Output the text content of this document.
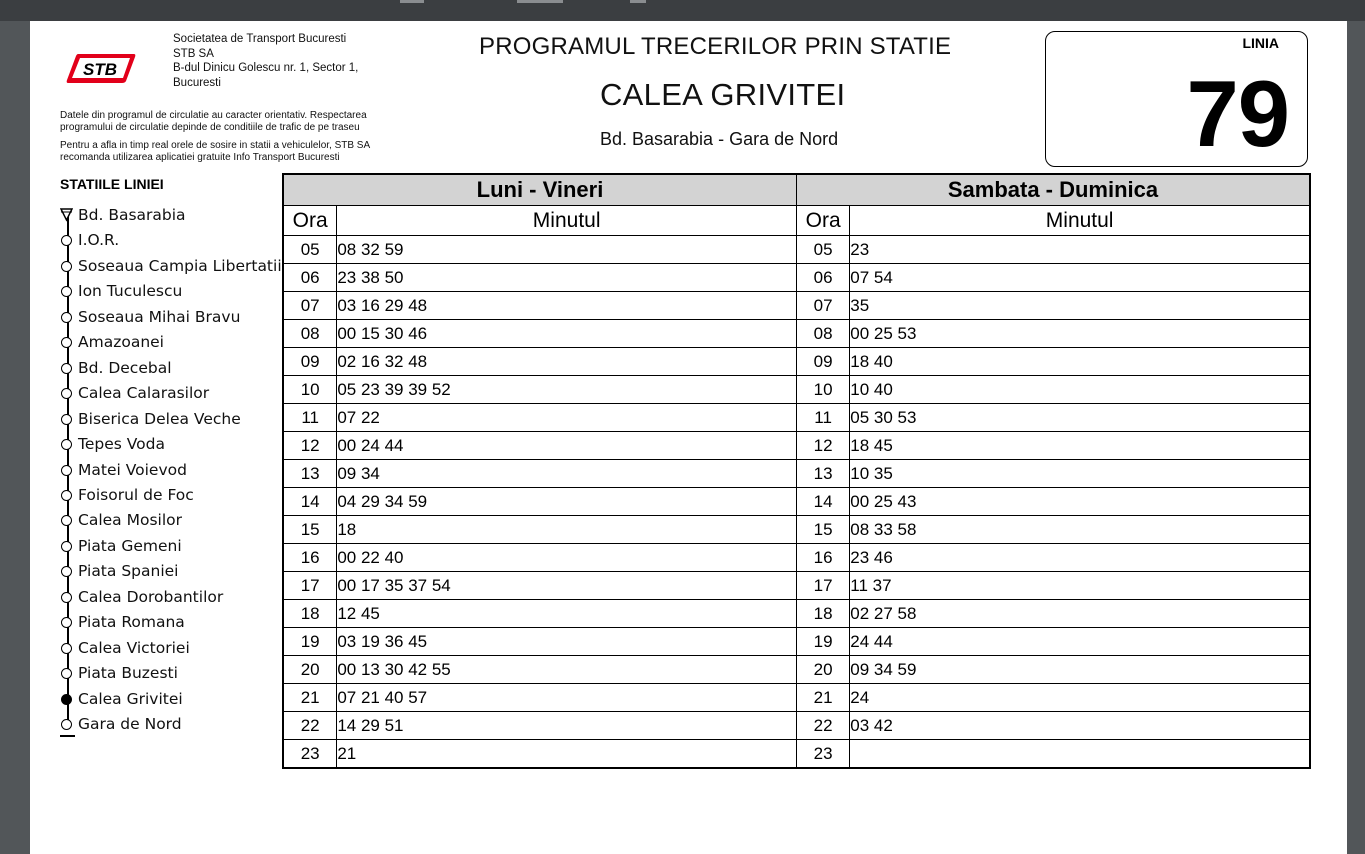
STB
Societatea de Transport Bucuresti
STB SA
B-dul Dinicu Golescu nr. 1, Sector 1,
Bucuresti
Datele din programul de circulatie au caracter orientativ. Respectarea programului de circulatie depinde de conditiile de trafic de pe traseu
Pentru a afla in timp real orele de sosire in statii a vehiculelor, STB SA recomanda utilizarea aplicatiei gratuite Info Transport Bucuresti
PROGRAMUL TRECERILOR PRIN STATIE
CALEA GRIVITEI
Bd. Basarabia - Gara de Nord
LINIA
79
STATIILE LINIEI
Bd. Basarabia
I.O.R.
Soseaua Campia Libertatii
Ion Tuculescu
Soseaua Mihai Bravu
Amazoanei
Bd. Decebal
Calea Calarasilor
Biserica Delea Veche
Tepes Voda
Matei Voievod
Foisorul de Foc
Calea Mosilor
Piata Gemeni
Piata Spaniei
Calea Dorobantilor
Piata Romana
Calea Victoriei
Piata Buzesti
Calea Grivitei
Gara de Nord
Luni - Vineri		Sambata - Duminica	
Ora	Minutul	Ora	Minutul
05	08 32 59	05	23
06	23 38 50	06	07 54
07	03 16 29 48	07	35
08	00 15 30 46	08	00 25 53
09	02 16 32 48	09	18 40
10	05 23 39 39 52	10	10 40
11	07 22	11	05 30 53
12	00 24 44	12	18 45
13	09 34	13	10 35
14	04 29 34 59	14	00 25 43
15	18	15	08 33 58
16	00 22 40	16	23 46
17	00 17 35 37 54	17	11 37
18	12 45	18	02 27 58
19	03 19 36 45	19	24 44
20	00 13 30 42 55	20	09 34 59
21	07 21 40 57	21	24
22	14 29 51	22	03 42
23	21	23	
